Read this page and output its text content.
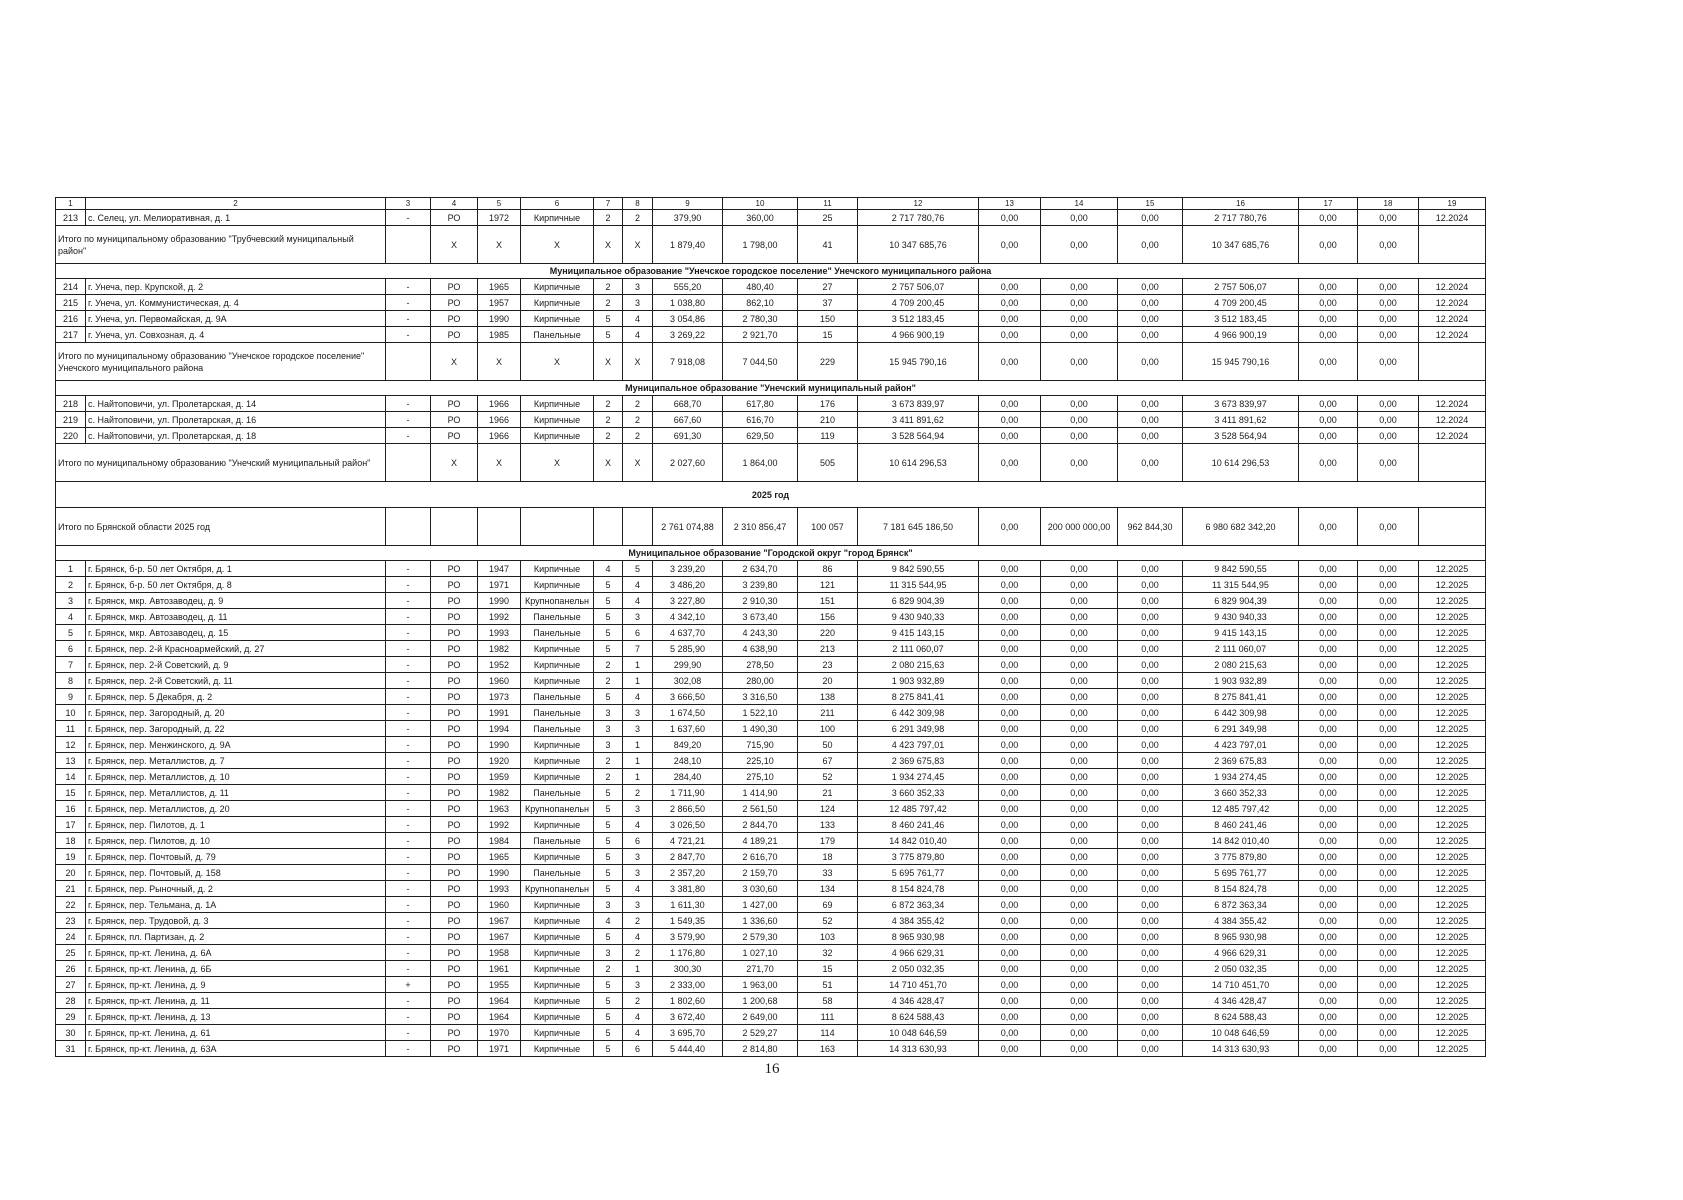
1	2	3	4	5	6	7	8	9	10	11	12	13	14	15	16	17	18	19
213	с. Селец, ул. Мелиоративная, д. 1	-	РО	1972	Кирпичные	2	2	379,90	360,00	25	2 717 780,76	0,00	0,00	0,00	2 717 780,76	0,00	0,00	12.2024
Итого по муниципальному образованию "Трубчевский муниципальный район"			Х	Х	Х	Х	Х	1 879,40	1 798,00	41	10 347 685,76	0,00	0,00	0,00	10 347 685,76	0,00	0,00	
Муниципальное образование "Унечское городское поселение" Унечского муниципального района																		
214	г. Унеча, пер. Крупской, д. 2	-	РО	1965	Кирпичные	2	3	555,20	480,40	27	2 757 506,07	0,00	0,00	0,00	2 757 506,07	0,00	0,00	12.2024
215	г. Унеча, ул. Коммунистическая, д. 4	-	РО	1957	Кирпичные	2	3	1 038,80	862,10	37	4 709 200,45	0,00	0,00	0,00	4 709 200,45	0,00	0,00	12.2024
216	г. Унеча, ул. Первомайская, д. 9А	-	РО	1990	Кирпичные	5	4	3 054,86	2 780,30	150	3 512 183,45	0,00	0,00	0,00	3 512 183,45	0,00	0,00	12.2024
217	г. Унеча, ул. Совхозная, д. 4	-	РО	1985	Панельные	5	4	3 269,22	2 921,70	15	4 966 900,19	0,00	0,00	0,00	4 966 900,19	0,00	0,00	12.2024
Итого по муниципальному образованию "Унечское городское поселение" Унечского муниципального района			Х	Х	Х	Х	Х	7 918,08	7 044,50	229	15 945 790,16	0,00	0,00	0,00	15 945 790,16	0,00	0,00	
Муниципальное образование "Унечский муниципальный район"																		
218	с. Найтоповичи, ул. Пролетарская, д. 14	-	РО	1966	Кирпичные	2	2	668,70	617,80	176	3 673 839,97	0,00	0,00	0,00	3 673 839,97	0,00	0,00	12.2024
219	с. Найтоповичи, ул. Пролетарская, д. 16	-	РО	1966	Кирпичные	2	2	667,60	616,70	210	3 411 891,62	0,00	0,00	0,00	3 411 891,62	0,00	0,00	12.2024
220	с. Найтоповичи, ул. Пролетарская, д. 18	-	РО	1966	Кирпичные	2	2	691,30	629,50	119	3 528 564,94	0,00	0,00	0,00	3 528 564,94	0,00	0,00	12.2024
Итого по муниципальному образованию "Унечский муниципальный район"			Х	Х	Х	Х	Х	2 027,60	1 864,00	505	10 614 296,53	0,00	0,00	0,00	10 614 296,53	0,00	0,00	
2025 год																		
Итого по Брянской области 2025 год								2 761 074,88	2 310 856,47	100 057	7 181 645 186,50	0,00	200 000 000,00	962 844,30	6 980 682 342,20	0,00	0,00	
Муниципальное образование "Городской округ "город Брянск"																		
1	г. Брянск, б-р. 50 лет Октября, д. 1	-	РО	1947	Кирпичные	4	5	3 239,20	2 634,70	86	9 842 590,55	0,00	0,00	0,00	9 842 590,55	0,00	0,00	12.2025
2	г. Брянск, б-р. 50 лет Октября, д. 8	-	РО	1971	Кирпичные	5	4	3 486,20	3 239,80	121	11 315 544,95	0,00	0,00	0,00	11 315 544,95	0,00	0,00	12.2025
3	г. Брянск, мкр. Автозаводец, д. 9	-	РО	1990	Крупнопанельн	5	4	3 227,80	2 910,30	151	6 829 904,39	0,00	0,00	0,00	6 829 904,39	0,00	0,00	12.2025
4	г. Брянск, мкр. Автозаводец, д. 11	-	РО	1992	Панельные	5	3	4 342,10	3 673,40	156	9 430 940,33	0,00	0,00	0,00	9 430 940,33	0,00	0,00	12.2025
5	г. Брянск, мкр. Автозаводец, д. 15	-	РО	1993	Панельные	5	6	4 637,70	4 243,30	220	9 415 143,15	0,00	0,00	0,00	9 415 143,15	0,00	0,00	12.2025
6	г. Брянск, пер. 2-й Красноармейский, д. 27	-	РО	1982	Кирпичные	5	7	5 285,90	4 638,90	213	2 111 060,07	0,00	0,00	0,00	2 111 060,07	0,00	0,00	12.2025
7	г. Брянск, пер. 2-й Советский, д. 9	-	РО	1952	Кирпичные	2	1	299,90	278,50	23	2 080 215,63	0,00	0,00	0,00	2 080 215,63	0,00	0,00	12.2025
8	г. Брянск, пер. 2-й Советский, д. 11	-	РО	1960	Кирпичные	2	1	302,08	280,00	20	1 903 932,89	0,00	0,00	0,00	1 903 932,89	0,00	0,00	12.2025
9	г. Брянск, пер. 5 Декабря, д. 2	-	РО	1973	Панельные	5	4	3 666,50	3 316,50	138	8 275 841,41	0,00	0,00	0,00	8 275 841,41	0,00	0,00	12.2025
10	г. Брянск, пер. Загородный, д. 20	-	РО	1991	Панельные	3	3	1 674,50	1 522,10	211	6 442 309,98	0,00	0,00	0,00	6 442 309,98	0,00	0,00	12.2025
11	г. Брянск, пер. Загородный, д. 22	-	РО	1994	Панельные	3	3	1 637,60	1 490,30	100	6 291 349,98	0,00	0,00	0,00	6 291 349,98	0,00	0,00	12.2025
12	г. Брянск, пер. Менжинского, д. 9А	-	РО	1990	Кирпичные	3	1	849,20	715,90	50	4 423 797,01	0,00	0,00	0,00	4 423 797,01	0,00	0,00	12.2025
13	г. Брянск, пер. Металлистов, д. 7	-	РО	1920	Кирпичные	2	1	248,10	225,10	67	2 369 675,83	0,00	0,00	0,00	2 369 675,83	0,00	0,00	12.2025
14	г. Брянск, пер. Металлистов, д. 10	-	РО	1959	Кирпичные	2	1	284,40	275,10	52	1 934 274,45	0,00	0,00	0,00	1 934 274,45	0,00	0,00	12.2025
15	г. Брянск, пер. Металлистов, д. 11	-	РО	1982	Панельные	5	2	1 711,90	1 414,90	21	3 660 352,33	0,00	0,00	0,00	3 660 352,33	0,00	0,00	12.2025
16	г. Брянск, пер. Металлистов, д. 20	-	РО	1963	Крупнопанельн	5	3	2 866,50	2 561,50	124	12 485 797,42	0,00	0,00	0,00	12 485 797,42	0,00	0,00	12.2025
17	г. Брянск, пер. Пилотов, д. 1	-	РО	1992	Кирпичные	5	4	3 026,50	2 844,70	133	8 460 241,46	0,00	0,00	0,00	8 460 241,46	0,00	0,00	12.2025
18	г. Брянск, пер. Пилотов, д. 10	-	РО	1984	Панельные	5	6	4 721,21	4 189,21	179	14 842 010,40	0,00	0,00	0,00	14 842 010,40	0,00	0,00	12.2025
19	г. Брянск, пер. Почтовый, д. 79	-	РО	1965	Кирпичные	5	3	2 847,70	2 616,70	18	3 775 879,80	0,00	0,00	0,00	3 775 879,80	0,00	0,00	12.2025
20	г. Брянск, пер. Почтовый, д. 158	-	РО	1990	Панельные	5	3	2 357,20	2 159,70	33	5 695 761,77	0,00	0,00	0,00	5 695 761,77	0,00	0,00	12.2025
21	г. Брянск, пер. Рыночный, д. 2	-	РО	1993	Крупнопанельн	5	4	3 381,80	3 030,60	134	8 154 824,78	0,00	0,00	0,00	8 154 824,78	0,00	0,00	12.2025
22	г. Брянск, пер. Тельмана, д. 1А	-	РО	1960	Кирпичные	3	3	1 611,30	1 427,00	69	6 872 363,34	0,00	0,00	0,00	6 872 363,34	0,00	0,00	12.2025
23	г. Брянск, пер. Трудовой, д. 3	-	РО	1967	Кирпичные	4	2	1 549,35	1 336,60	52	4 384 355,42	0,00	0,00	0,00	4 384 355,42	0,00	0,00	12.2025
24	г. Брянск, пл. Партизан, д. 2	-	РО	1967	Кирпичные	5	4	3 579,90	2 579,30	103	8 965 930,98	0,00	0,00	0,00	8 965 930,98	0,00	0,00	12.2025
25	г. Брянск, пр-кт. Ленина, д. 6А	-	РО	1958	Кирпичные	3	2	1 176,80	1 027,10	32	4 966 629,31	0,00	0,00	0,00	4 966 629,31	0,00	0,00	12.2025
26	г. Брянск, пр-кт. Ленина, д. 6Б	-	РО	1961	Кирпичные	2	1	300,30	271,70	15	2 050 032,35	0,00	0,00	0,00	2 050 032,35	0,00	0,00	12.2025
27	г. Брянск, пр-кт. Ленина, д. 9	+	РО	1955	Кирпичные	5	3	2 333,00	1 963,00	51	14 710 451,70	0,00	0,00	0,00	14 710 451,70	0,00	0,00	12.2025
28	г. Брянск, пр-кт. Ленина, д. 11	-	РО	1964	Кирпичные	5	2	1 802,60	1 200,68	58	4 346 428,47	0,00	0,00	0,00	4 346 428,47	0,00	0,00	12.2025
29	г. Брянск, пр-кт. Ленина, д. 13	-	РО	1964	Кирпичные	5	4	3 672,40	2 649,00	111	8 624 588,43	0,00	0,00	0,00	8 624 588,43	0,00	0,00	12.2025
30	г. Брянск, пр-кт. Ленина, д. 61	-	РО	1970	Кирпичные	5	4	3 695,70	2 529,27	114	10 048 646,59	0,00	0,00	0,00	10 048 646,59	0,00	0,00	12.2025
31	г. Брянск, пр-кт. Ленина, д. 63А	-	РО	1971	Кирпичные	5	6	5 444,40	2 814,80	163	14 313 630,93	0,00	0,00	0,00	14 313 630,93	0,00	0,00	12.2025
16
